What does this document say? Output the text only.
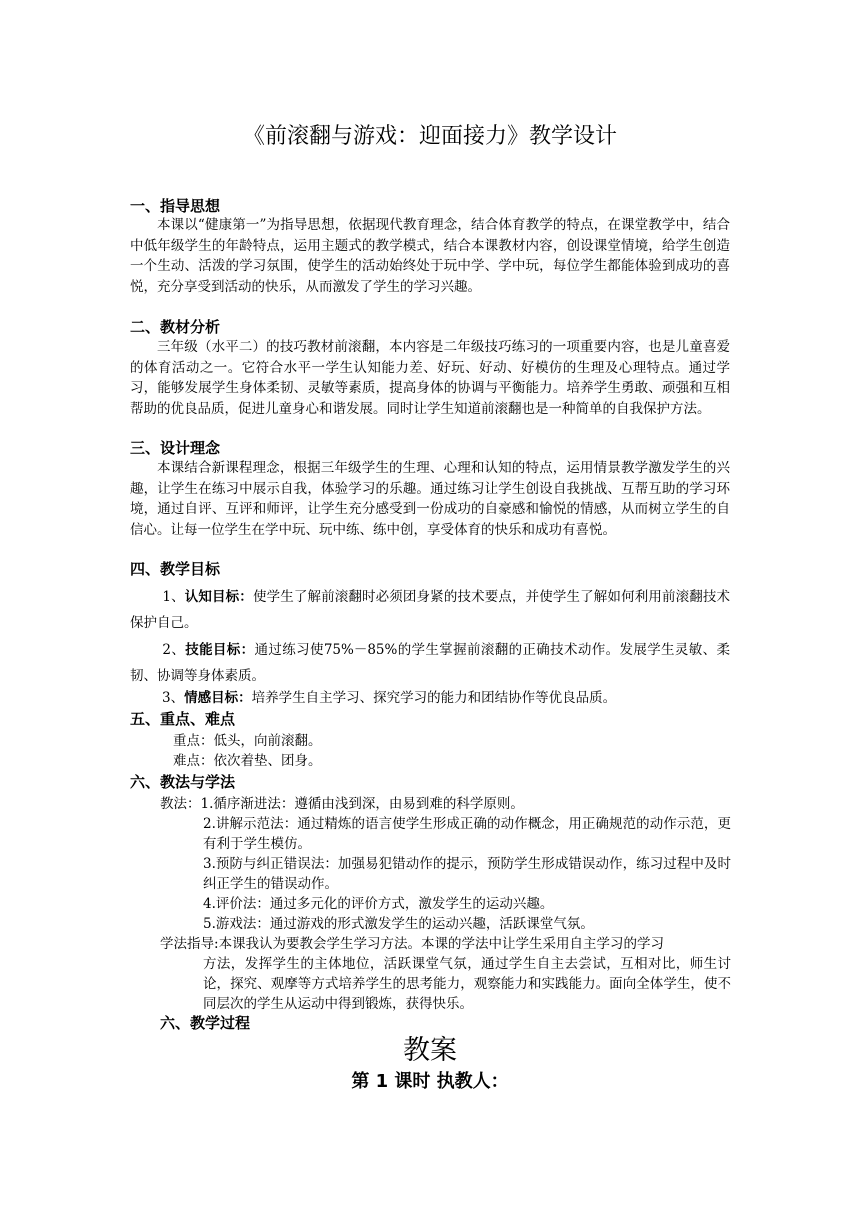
《前滚翻与游戏：迎面接力》教学设计
一、指导思想
本课以“健康第一”为指导思想，依据现代教育理念，结合体育教学的特点，在课堂教学中，结合中低年级学生的年龄特点，运用主题式的教学模式，结合本课教材内容，创设课堂情境，给学生创造一个生动、活泼的学习氛围，使学生的活动始终处于玩中学、学中玩，每位学生都能体验到成功的喜悦，充分享受到活动的快乐，从而激发了学生的学习兴趣。
二、教材分析
三年级（水平二）的技巧教材前滚翻，本内容是二年级技巧练习的一项重要内容，也是儿童喜爱的体育活动之一。它符合水平一学生认知能力差、好玩、好动、好模仿的生理及心理特点。通过学习，能够发展学生身体柔韧、灵敏等素质，提高身体的协调与平衡能力。培养学生勇敢、顽强和互相帮助的优良品质，促进儿童身心和谐发展。同时让学生知道前滚翻也是一种简单的自我保护方法。
三、设计理念
本课结合新课程理念，根据三年级学生的生理、心理和认知的特点，运用情景教学激发学生的兴趣，让学生在练习中展示自我，体验学习的乐趣。通过练习让学生创设自我挑战、互帮互助的学习环境，通过自评、互评和师评，让学生充分感受到一份成功的自豪感和愉悦的情感，从而树立学生的自信心。让每一位学生在学中玩、玩中练、练中创，享受体育的快乐和成功有喜悦。
四、教学目标
1、认知目标：使学生了解前滚翻时必须团身紧的技术要点，并使学生了解如何利用前滚翻技术保护自己。
2、技能目标：通过练习使75%－85%的学生掌握前滚翻的正确技术动作。发展学生灵敏、柔韧、协调等身体素质。
3、情感目标：培养学生自主学习、探究学习的能力和团结协作等优良品质。
五、重点、难点
重点：低头，向前滚翻。
难点：依次着垫、团身。
六、教法与学法
教法：1.循序渐进法：遵循由浅到深，由易到难的科学原则。
2.讲解示范法：通过精炼的语言使学生形成正确的动作概念，用正确规范的动作示范，更有利于学生模仿。
3.预防与纠正错误法：加强易犯错动作的提示，预防学生形成错误动作，练习过程中及时纠正学生的错误动作。
4.评价法：通过多元化的评价方式，激发学生的运动兴趣。
5.游戏法：通过游戏的形式激发学生的运动兴趣，活跃课堂气氛。
学法指导:本课我认为要教会学生学习方法。本课的学法中让学生采用自主学习的学习
方法，发挥学生的主体地位，活跃课堂气氛，通过学生自主去尝试，互相对比，师生讨论，探究、观摩等方式培养学生的思考能力，观察能力和实践能力。面向全体学生，使不同层次的学生从运动中得到锻炼，获得快乐。
六、教学过程
教案
第 1 课时 执教人：
